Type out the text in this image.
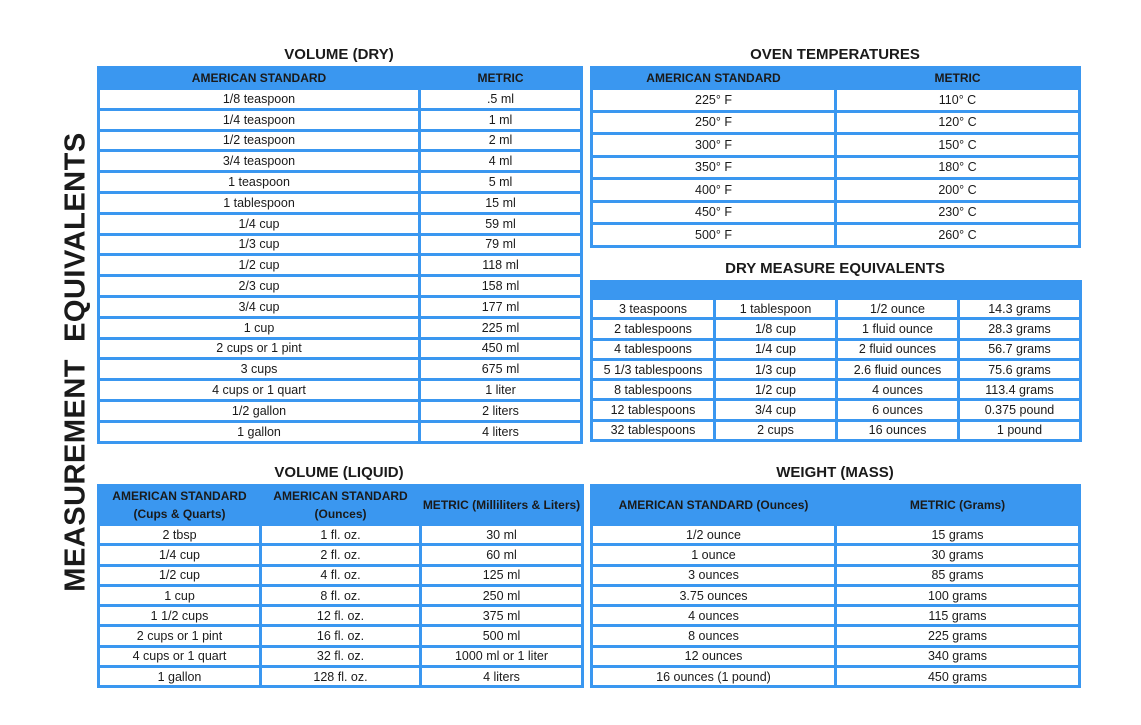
MEASUREMENT  EQUIVALENTS
VOLUME (DRY)
AMERICAN STANDARD	METRIC
1/8 teaspoon	.5 ml
1/4 teaspoon	1 ml
1/2 teaspoon	2 ml
3/4 teaspoon	4 ml
1 teaspoon	5 ml
1 tablespoon	15 ml
1/4 cup	59 ml
1/3 cup	79 ml
1/2 cup	118 ml
2/3 cup	158 ml
3/4 cup	177 ml
1 cup	225 ml
2 cups or 1 pint	450 ml
3 cups	675 ml
4 cups or 1 quart	1 liter
1/2 gallon	2 liters
1 gallon	4 liters
OVEN TEMPERATURES
AMERICAN STANDARD	METRIC
225° F	110° C
250° F	120° C
300° F	150° C
350° F	180° C
400° F	200° C
450° F	230° C
500° F	260° C
DRY MEASURE EQUIVALENTS

3 teaspoons	1 tablespoon	1/2 ounce	14.3 grams
2 tablespoons	1/8 cup	1 fluid ounce	28.3 grams
4 tablespoons	1/4 cup	2 fluid ounces	56.7 grams
5 1/3 tablespoons	1/3 cup	2.6 fluid ounces	75.6 grams
8 tablespoons	1/2 cup	4 ounces	113.4 grams
12 tablespoons	3/4 cup	6 ounces	0.375 pound
32 tablespoons	2 cups	16 ounces	1 pound
VOLUME (LIQUID)
AMERICAN STANDARD (Cups & Quarts)	AMERICAN STANDARD (Ounces)	METRIC (Milliliters & Liters)
2 tbsp	1 fl. oz.	30 ml
1/4 cup	2 fl. oz.	60 ml
1/2 cup	4 fl. oz.	125 ml
1 cup	8 fl. oz.	250 ml
1 1/2 cups	12 fl. oz.	375 ml
2 cups or 1 pint	16 fl. oz.	500 ml
4 cups or 1 quart	32 fl. oz.	1000 ml or 1 liter
1 gallon	128 fl. oz.	4 liters
WEIGHT (MASS)
AMERICAN STANDARD (Ounces)	METRIC (Grams)
1/2 ounce	15 grams
1 ounce	30 grams
3 ounces	85 grams
3.75 ounces	100 grams
4 ounces	115 grams
8 ounces	225 grams
12 ounces	340 grams
16 ounces (1 pound)	450 grams
